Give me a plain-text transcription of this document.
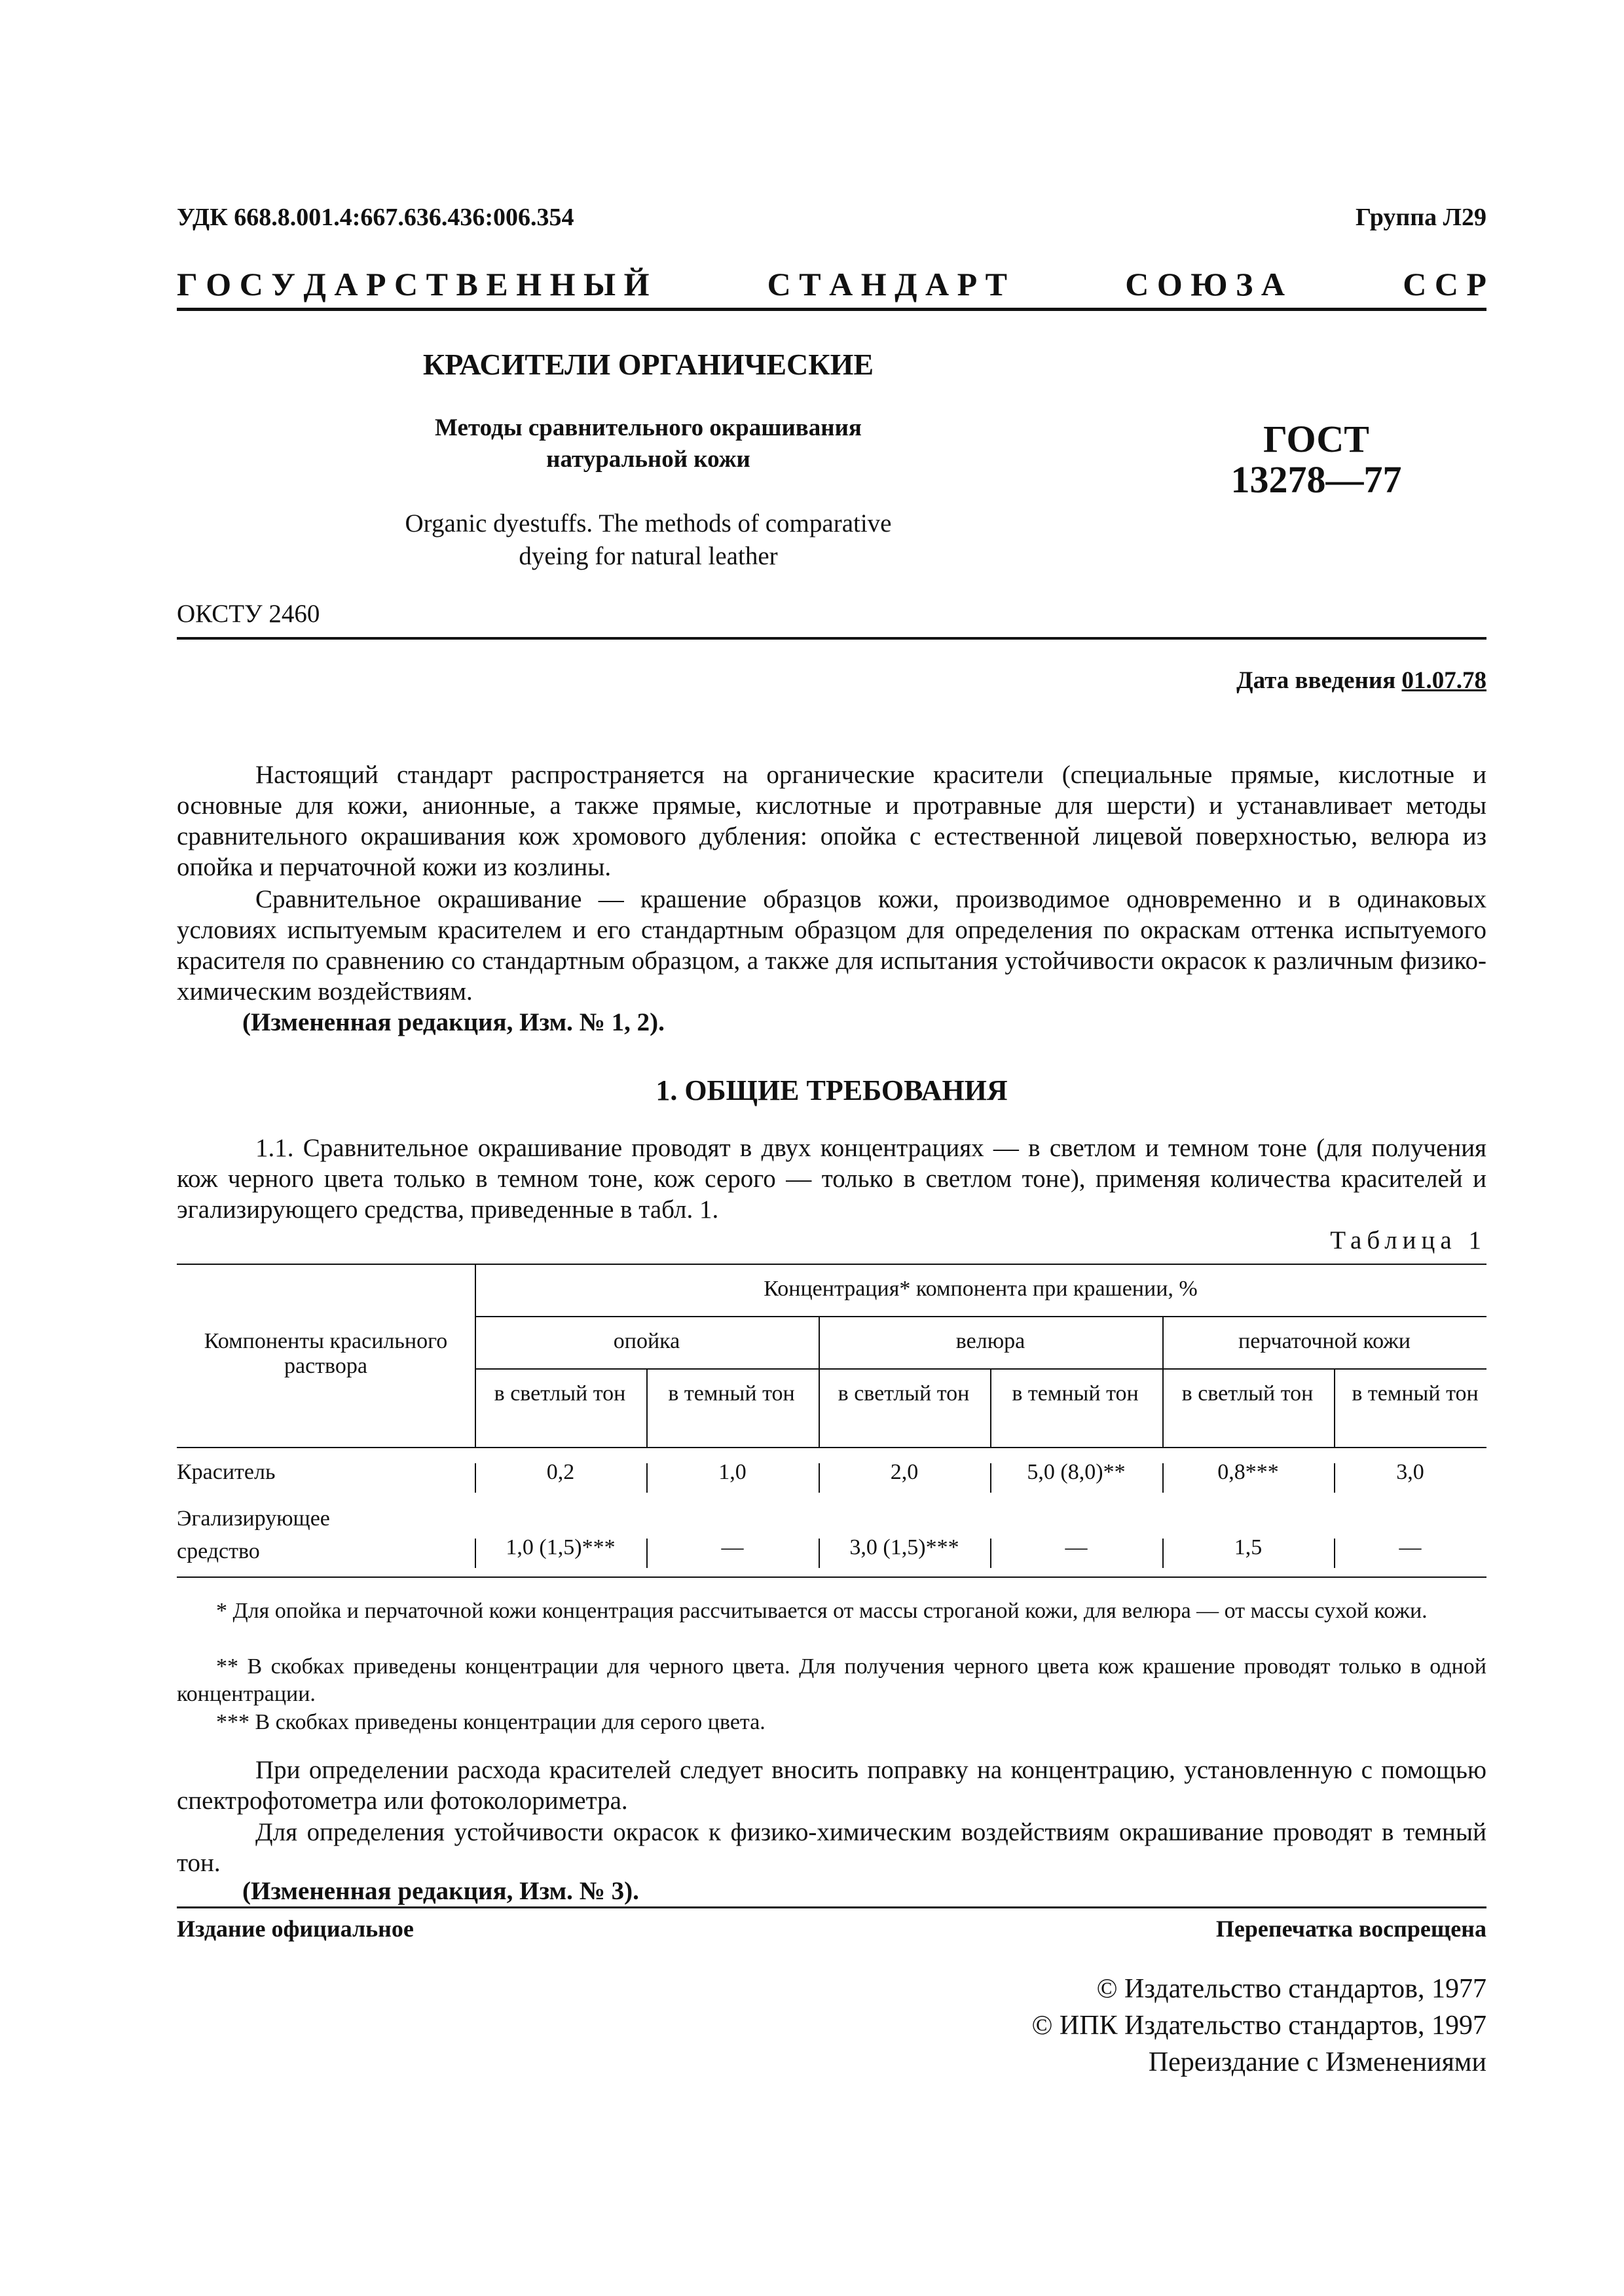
УДК 668.8.001.4:667.636.436:006.354	Группа Л29
Г О С У Д А Р С Т В Е Н Н Ы Й	С Т А Н Д А Р Т	С О Ю З А	С С Р
КРАСИТЕЛИ ОРГАНИЧЕСКИЕ
Методы сравнительного окрашивания
натуральной кожи	ГОСТ
13278—77
Organic dyestuffs. The methods of comparative
dyeing for natural leather
ОКСТУ 2460
Дата введения 01.07.78
Настоящий стандарт распространяется на органические красители (специальные прямые, кислотные и основные для кожи, анионные, а также прямые, кислотные и протравные для шерсти) и устанавливает методы сравнительного окрашивания кож хромового дубления: опойка с естественной лицевой поверхностью, велюра из опойка и перчаточной кожи из козлины.
Сравнительное окрашивание — крашение образцов кожи, производимое одновременно и в одинаковых условиях испытуемым красителем и его стандартным образцом для определения по окраскам оттенка испытуемого красителя по сравнению со стандартным образцом, а также для испытания устойчивости окрасок к различным физико-химическим воздействиям.
(Измененная редакция, Изм. № 1, 2).
1. ОБЩИЕ ТРЕБОВАНИЯ
1.1. Сравнительное окрашивание проводят в двух концентрациях — в светлом и темном тоне (для получения кож черного цвета только в темном тоне, кож серого — только в светлом тоне), применяя количества красителей и эгализирующего средства, приведенные в табл. 1.
Таблица 1
Компоненты красильного раствора
Концентрация* компонента при крашении, %
опойка	велюра	перчаточной кожи
в светлый тон	в темный тон	в светлый тон	в темный тон	в светлый тон	в темный тон
Краситель	0,2	1,0	2,0	5,0 (8,0)**	0,8***	3,0
Эгализирующее средство	1,0 (1,5)***	—	3,0 (1,5)***	—	1,5	—
* Для опойка и перчаточной кожи концентрация рассчитывается от массы строганой кожи, для велюра — от массы сухой кожи.
** В скобках приведены концентрации для черного цвета. Для получения черного цвета кож крашение проводят только в одной концентрации.
*** В скобках приведены концентрации для серого цвета.
При определении расхода красителей следует вносить поправку на концентрацию, установленную с помощью спектрофотометра или фотоколориметра.
Для определения устойчивости окрасок к физико-химическим воздействиям окрашивание проводят в темный тон.
(Измененная редакция, Изм. № 3).
Издание официальное	Перепечатка воспрещена
© Издательство стандартов, 1977
© ИПК Издательство стандартов, 1997
Переиздание с Изменениями
